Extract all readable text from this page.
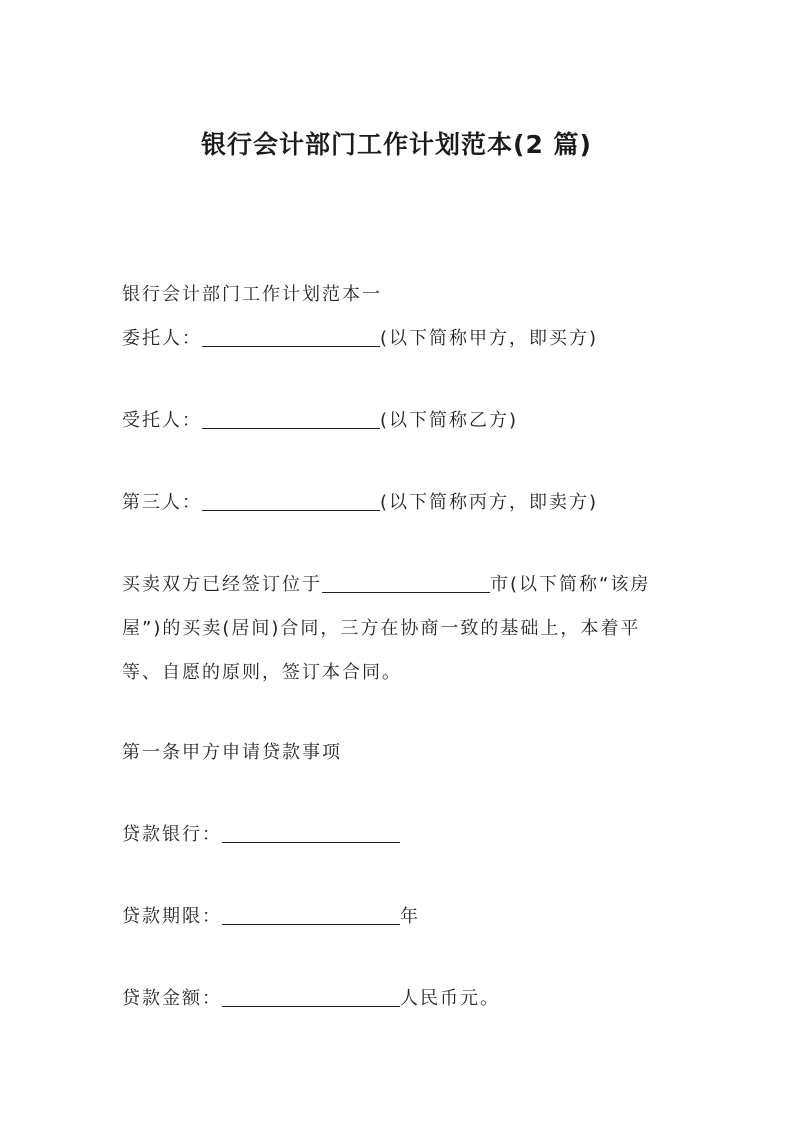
银行会计部门工作计划范本(2 篇)
银行会计部门工作计划范本一
委托人：	(以下简称甲方，即买方)
受托人：	(以下简称乙方)
第三人：	(以下简称丙方，即卖方)
买卖双方已经签订位于	市(以下简称“该房
屋”)的买卖(居间)合同，三方在协商一致的基础上，本着平
等、自愿的原则，签订本合同。
第一条甲方申请贷款事项
贷款银行：
贷款期限：	年
贷款金额：	人民币元。
